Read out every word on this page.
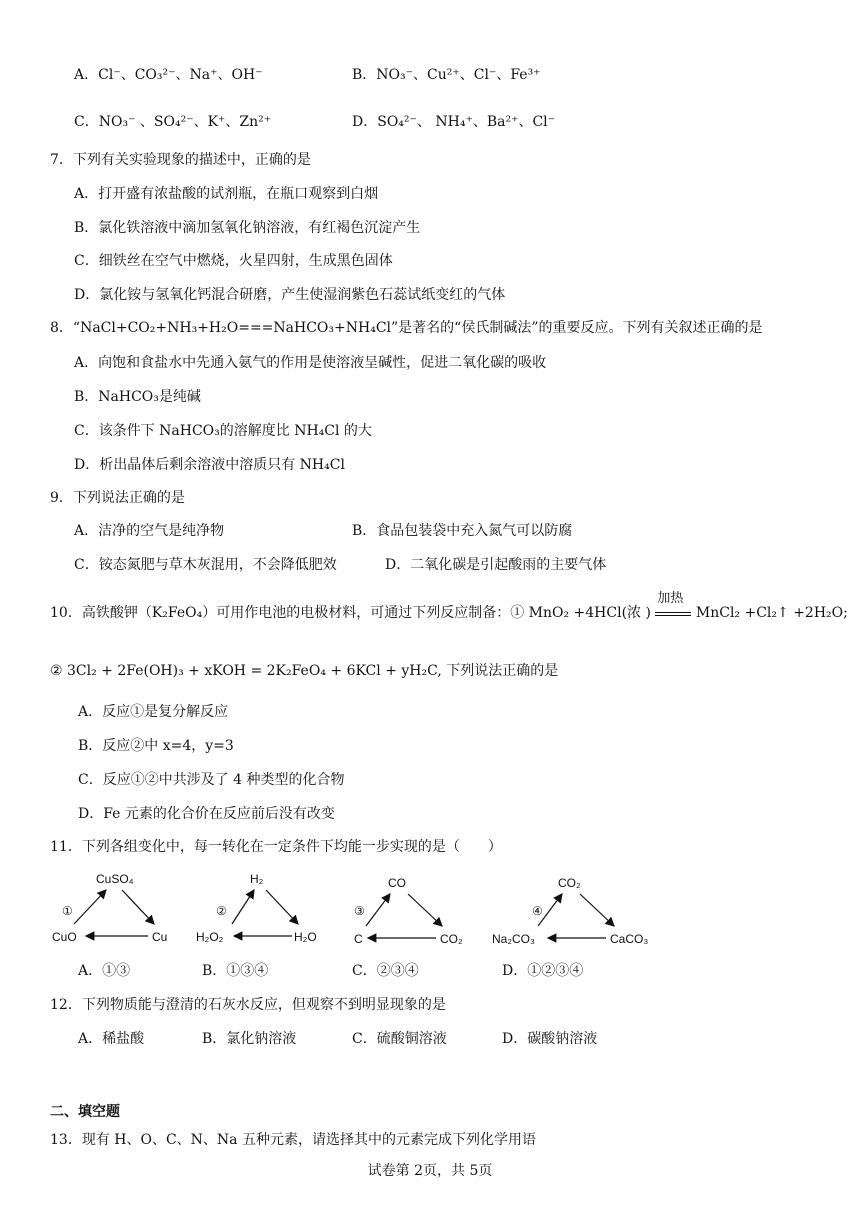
A．Cl⁻、CO₃²⁻、Na⁺、OH⁻	B．NO₃⁻、Cu²⁺、Cl⁻、Fe³⁺
C．NO₃⁻ 、SO₄²⁻、K⁺、Zn²⁺	D．SO₄²⁻、 NH₄⁺、Ba²⁺、Cl⁻
7．下列有关实验现象的描述中，正确的是
A．打开盛有浓盐酸的试剂瓶，在瓶口观察到白烟
B．氯化铁溶液中滴加氢氧化钠溶液，有红褐色沉淀产生
C．细铁丝在空气中燃烧，火星四射，生成黑色固体
D．氯化铵与氢氧化钙混合研磨，产生使湿润紫色石蕊试纸变红的气体
8．“NaCl+CO₂+NH₃+H₂O===NaHCO₃+NH₄Cl”是著名的“侯氏制碱法”的重要反应。下列有关叙述正确的是
A．向饱和食盐水中先通入氨气的作用是使溶液呈碱性，促进二氧化碳的吸收
B．NaHCO₃是纯碱
C．该条件下 NaHCO₃的溶解度比 NH₄Cl 的大
D．析出晶体后剩余溶液中溶质只有 NH₄Cl
9．下列说法正确的是
A．洁净的空气是纯净物	B．食品包装袋中充入氮气可以防腐
C．铵态氮肥与草木灰混用，不会降低肥效	D．二氧化碳是引起酸雨的主要气体
10．高铁酸钾（K₂FeO₄）可用作电池的电极材料，可通过下列反应制备：① MnO₂ +4HCl(浓 )
加热
MnCl₂ +Cl₂↑ +2H₂O;
② 3Cl₂ + 2Fe(OH)₃ + xKOH = 2K₂FeO₄ + 6KCl + yH₂C, 下列说法正确的是
A．反应①是复分解反应
B．反应②中 x=4，y=3
C．反应①②中共涉及了 4 种类型的化合物
D．Fe 元素的化合价在反应前后没有改变
11．下列各组变化中，每一转化在一定条件下均能一步实现的是（　　）
CuSO₄
①
CuO	Cu
H₂
②
H₂O₂	H₂O
CO
③
C	CO₂
CO₂
④
Na₂CO₃	CaCO₃
A．①③	B．①③④	C．②③④	D．①②③④
12．下列物质能与澄清的石灰水反应，但观察不到明显现象的是
A．稀盐酸	B．氯化钠溶液	C．硫酸铜溶液	D．碳酸钠溶液
二、填空题
13．现有 H、O、C、N、Na 五种元素，请选择其中的元素完成下列化学用语
试卷第 2页，共 5页
